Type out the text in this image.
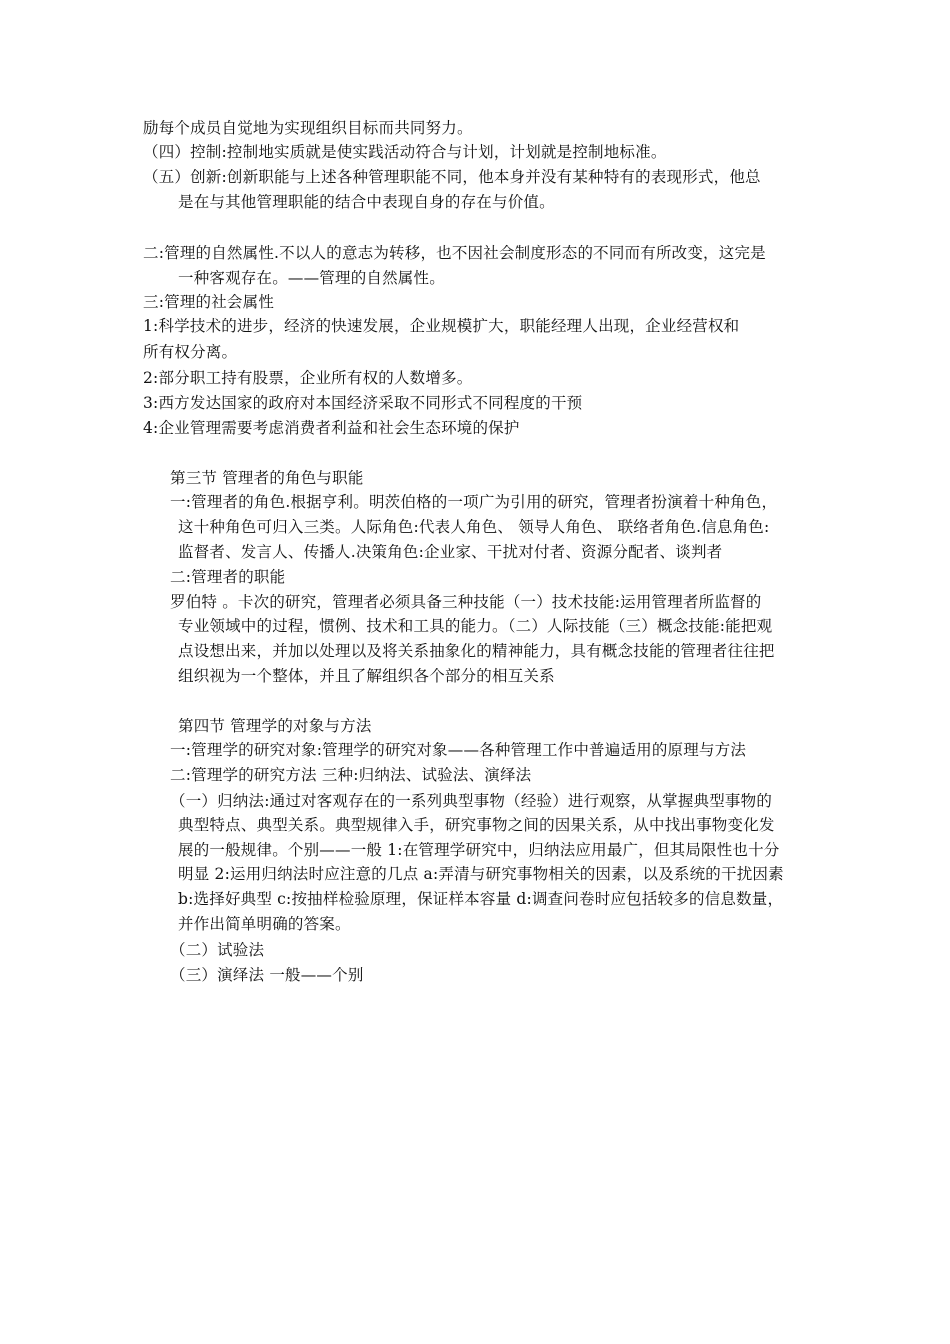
励每个成员自觉地为实现组织目标而共同努力。
（四）控制:控制地实质就是使实践活动符合与计划，计划就是控制地标准。
（五）创新:创新职能与上述各种管理职能不同，他本身并没有某种特有的表现形式，他总
是在与其他管理职能的结合中表现自身的存在与价值。
二:管理的自然属性.不以人的意志为转移，也不因社会制度形态的不同而有所改变，这完是
一种客观存在。——管理的自然属性。
三:管理的社会属性
1:科学技术的进步，经济的快速发展，企业规模扩大，职能经理人出现，企业经营权和
所有权分离。
2:部分职工持有股票，企业所有权的人数增多。
3:西方发达国家的政府对本国经济采取不同形式不同程度的干预
4:企业管理需要考虑消费者利益和社会生态环境的保护
第三节 管理者的角色与职能
一:管理者的角色.根据亨利。明茨伯格的一项广为引用的研究，管理者扮演着十种角色，
这十种角色可归入三类。人际角色:代表人角色、 领导人角色、 联络者角色.信息角色:
监督者、发言人、传播人.决策角色:企业家、干扰对付者、资源分配者、谈判者
二:管理者的职能
罗伯特 。卡次的研究，管理者必须具备三种技能（一）技术技能:运用管理者所监督的
专业领域中的过程，惯例、技术和工具的能力。（二）人际技能（三）概念技能:能把观
点设想出来，并加以处理以及将关系抽象化的精神能力，具有概念技能的管理者往往把
组织视为一个整体，并且了解组织各个部分的相互关系
第四节 管理学的对象与方法
一:管理学的研究对象:管理学的研究对象——各种管理工作中普遍适用的原理与方法
二:管理学的研究方法 三种:归纳法、试验法、演绎法
（一）归纳法:通过对客观存在的一系列典型事物（经验）进行观察，从掌握典型事物的
典型特点、典型关系。典型规律入手，研究事物之间的因果关系，从中找出事物变化发
展的一般规律。个别——一般 1:在管理学研究中，归纳法应用最广，但其局限性也十分
明显 2:运用归纳法时应注意的几点 a:弄清与研究事物相关的因素，以及系统的干扰因素
b:选择好典型 c:按抽样检验原理，保证样本容量 d:调查问卷时应包括较多的信息数量，
并作出简单明确的答案。
（二）试验法
（三）演绎法 一般——个别
